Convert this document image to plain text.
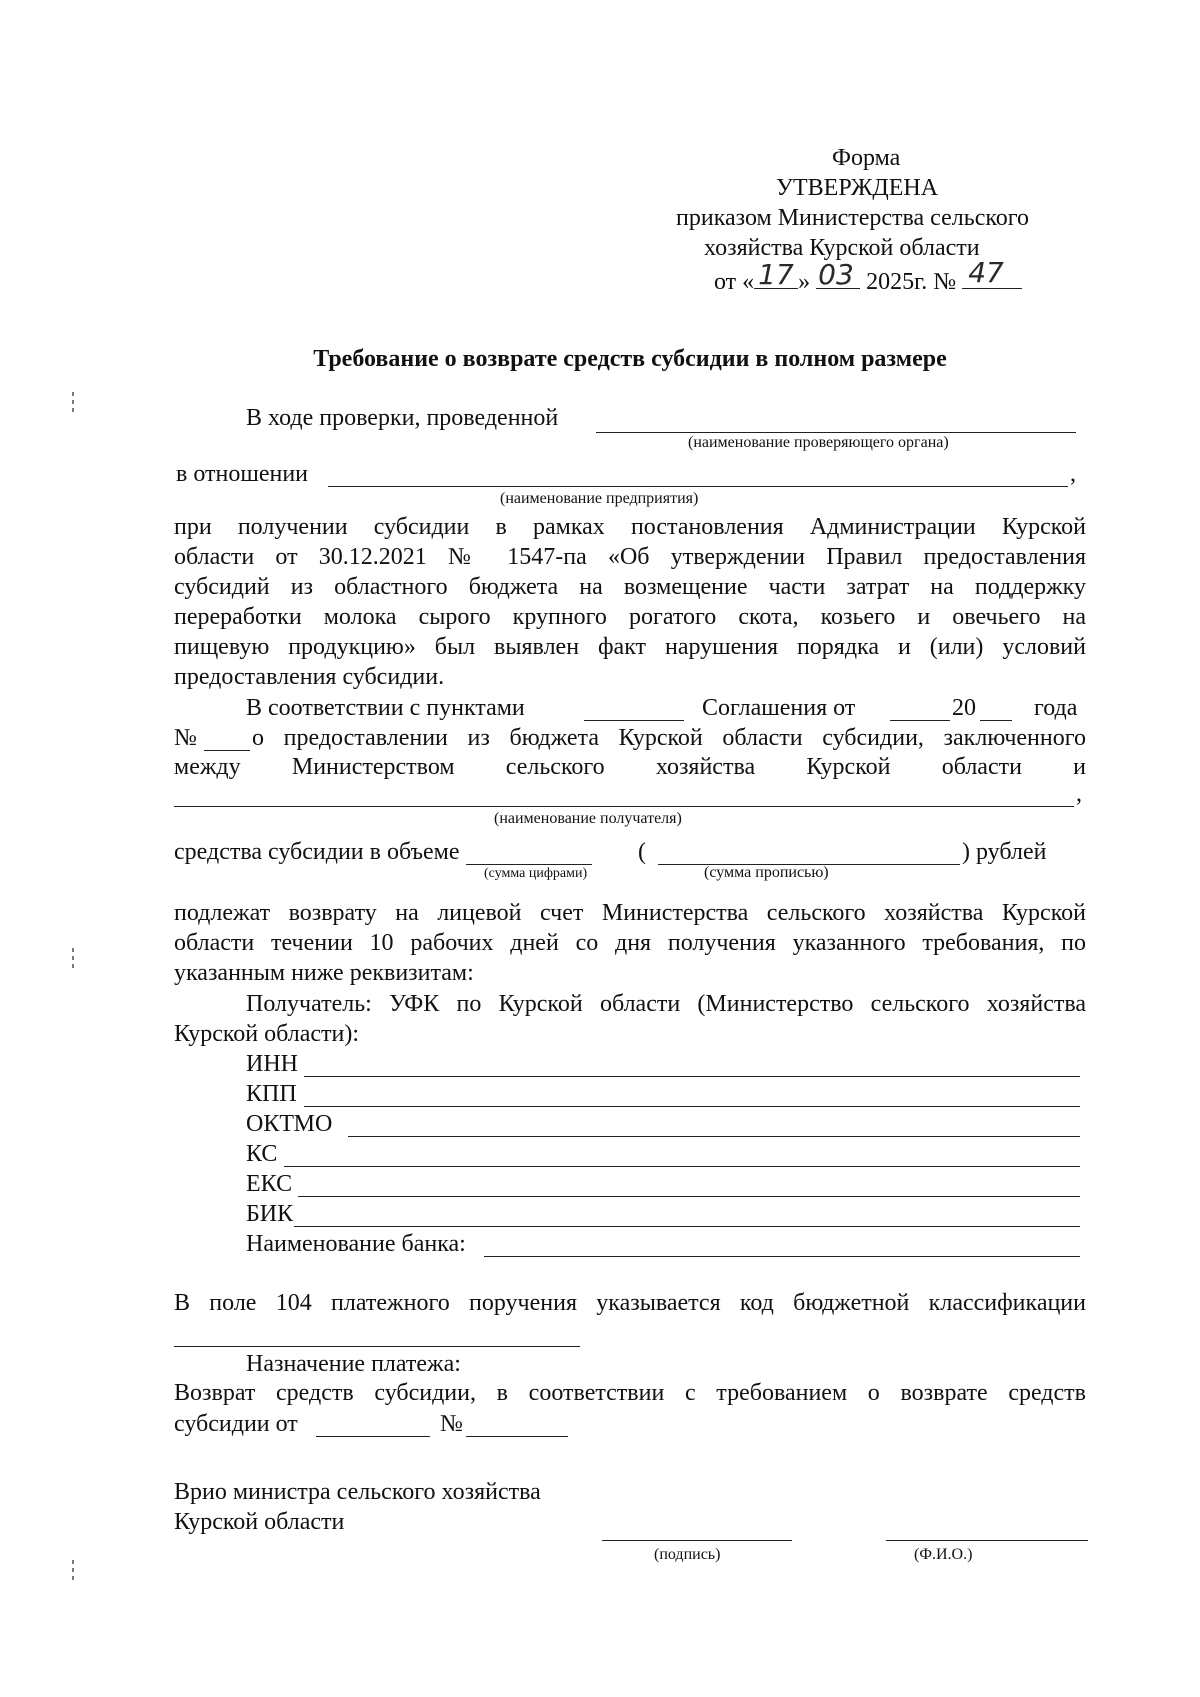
Форма
УТВЕРЖДЕНА
приказом Министерства сельского
хозяйства Курской области
от « 17 » 03 2025г. № 47
Требование о возврате средств субсидии в полном размере
В ходе проверки, проведенной
(наименование проверяющего органа)
в отношении	,
(наименование предприятия)
при получении субсидии в рамках постановления Администрации Курской
области от 30.12.2021 № 1547-па «Об утверждении Правил предоставления
субсидий из областного бюджета на возмещение части затрат на поддержку
переработки молока сырого крупного рогатого скота, козьего и овечьего на
пищевую продукцию» был выявлен факт нарушения порядка и (или) условий
предоставления субсидии.
В соответствии с пунктами	Соглашения от	20 года
№ о предоставлении из бюджета Курской области субсидии, заключенного
между Министерством сельского хозяйства Курской области и
,
(наименование получателя)
средства субсидии в объеме	(	) рублей
(сумма цифрами)	(сумма прописью)
подлежат возврату на лицевой счет Министерства сельского хозяйства Курской
области течении 10 рабочих дней со дня получения указанного требования, по
указанным ниже реквизитам:
Получатель: УФК по Курской области (Министерство сельского хозяйства
Курской области):
ИНН
КПП
ОКТМО
КС
ЕКС
БИК
Наименование банка:
В поле 104 платежного поручения указывается код бюджетной классификации
Назначение платежа:
Возврат средств субсидии, в соответствии с требованием о возврате средств
субсидии от	№
Врио министра сельского хозяйства
Курской области
(подпись)	(Ф.И.О.)
